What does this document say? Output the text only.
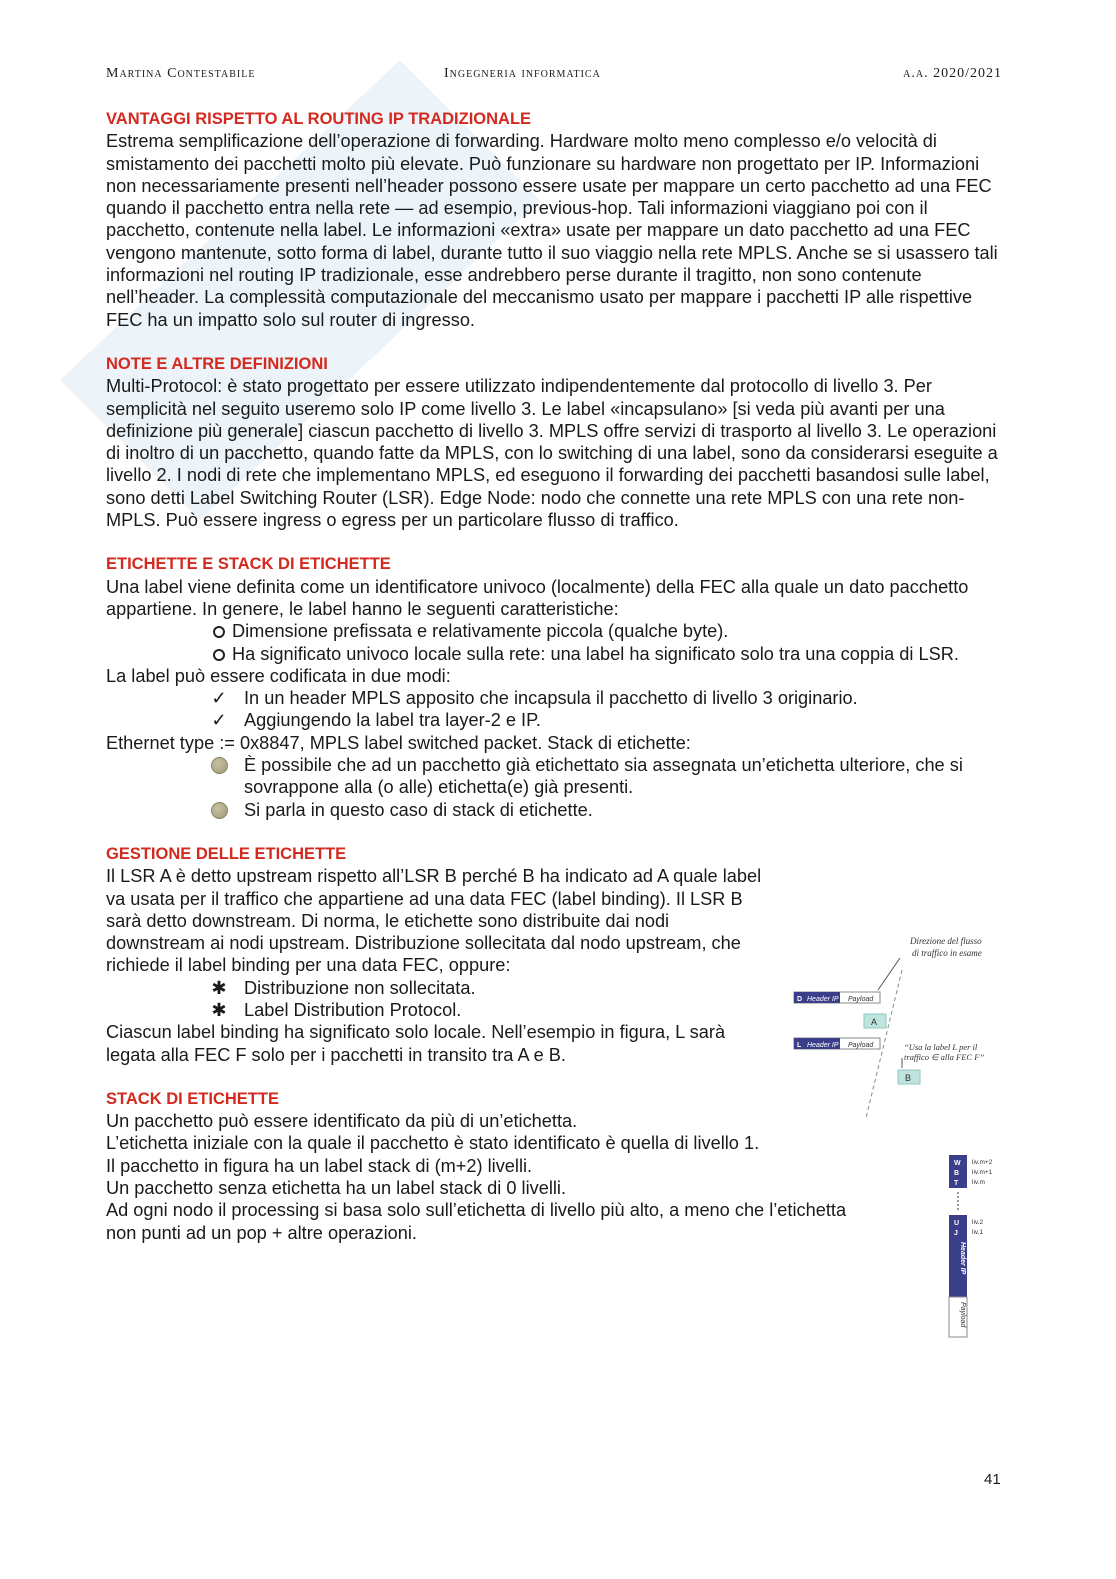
Martina Contestabile	Ingegneria informatica	a.a. 2020/2021
VANTAGGI RISPETTO AL ROUTING IP TRADIZIONALE

Estrema semplificazione dell’operazione di forwarding. Hardware molto meno complesso e/o velocità di smistamento dei pacchetti molto più elevate. Può funzionare su hardware non progettato per IP. Informazioni non necessariamente presenti nell’header possono essere usate per mappare un certo pacchetto ad una FEC quando il pacchetto entra nella rete — ad esempio, previous-hop. Tali informazioni viaggiano poi con il pacchetto, contenute nella label. Le informazioni «extra» usate per mappare un dato pacchetto ad una FEC vengono mantenute, sotto forma di label, durante tutto il suo viaggio nella rete MPLS. Anche se si usassero tali informazioni nel routing IP tradizionale, esse andrebbero perse durante il tragitto, non sono contenute nell’header. La complessità computazionale del meccanismo usato per mappare i pacchetti IP alle rispettive FEC ha un impatto solo sul router di ingresso.

NOTE E ALTRE DEFINIZIONI

Multi-Protocol: è stato progettato per essere utilizzato indipendentemente dal protocollo di livello 3. Per semplicità nel seguito useremo solo IP come livello 3. Le label «incapsulano» [si veda più avanti per una definizione più generale] ciascun pacchetto di livello 3. MPLS offre servizi di trasporto al livello 3. Le operazioni di inoltro di un pacchetto, quando fatte da MPLS, con lo switching di una label, sono da considerarsi eseguite a livello 2. I nodi di rete che implementano MPLS, ed eseguono il forwarding dei pacchetti basandosi sulle label, sono detti Label Switching Router (LSR). Edge Node: nodo che connette una rete MPLS con una rete non-MPLS. Può essere ingress o egress per un particolare flusso di traffico.

ETICHETTE E STACK DI ETICHETTE

Una label viene definita come un identificatore univoco (localmente) della FEC alla quale un dato pacchetto appartiene. In genere, le label hanno le seguenti caratteristiche:

Dimensione prefissata e relativamente piccola (qualche byte).
Ha significato univoco locale sulla rete: una label ha significato solo tra una coppia di LSR.

La label può essere codificata in due modi:

✓ In un header MPLS apposito che incapsula il pacchetto di livello 3 originario.
✓ Aggiungendo la label tra layer-2 e IP.

Ethernet type := 0x8847, MPLS label switched packet. Stack di etichette:

È possibile che ad un pacchetto già etichettato sia assegnata un’etichetta ulteriore, che si sovrappone alla (o alle) etichetta(e) già presenti.
Si parla in questo caso di stack di etichette.
GESTIONE DELLE ETICHETTE

Il LSR A è detto upstream rispetto all’LSR B perché B ha indicato ad A quale label va usata per il traffico che appartiene ad una data FEC (label binding). Il LSR B sarà detto downstream. Di norma, le etichette sono distribuite dai nodi downstream ai nodi upstream. Distribuzione sollecitata dal nodo upstream, che richiede il label binding per una data FEC, oppure:

✱ Distribuzione non sollecitata.
✱ Label Distribution Protocol.

Ciascun label binding ha significato solo locale. Nell’esempio in figura, L sarà legata alla FEC F solo per i pacchetti in transito tra A e B.

STACK DI ETICHETTE

Un pacchetto può essere identificato da più di un’etichetta.

L’etichetta iniziale con la quale il pacchetto è stato identificato è quella di livello 1.

Il pacchetto in figura ha un label stack di (m+2) livelli.

Un pacchetto senza etichetta ha un label stack di 0 livelli.

Ad ogni nodo il processing si basa solo sull’etichetta di livello più alto, a meno che l’etichetta non punti ad un pop + altre operazioni.

Direzione del flusso
di traffico in esame
D Header IP Payload
A
L Header IP Payload	“Usa la label L per il
traffico ∈ alla FEC F”
B
W
B
T
liv.m+2
liv.m+1
liv.m
U
J
liv.2
liv.1
Header IP
Payload
41
